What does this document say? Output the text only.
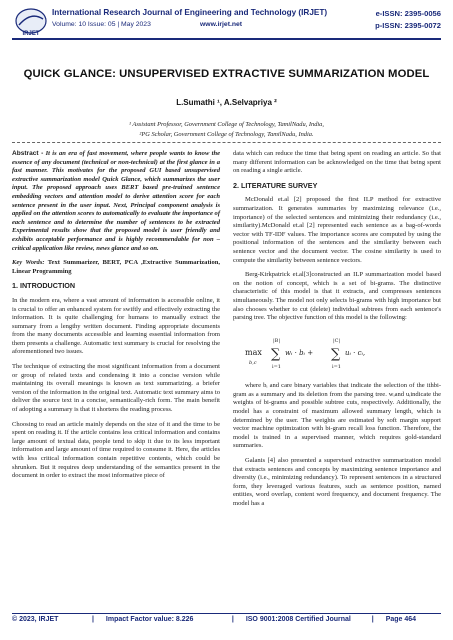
IRJET
International Research Journal of Engineering and Technology (IRJET)	e-ISSN: 2395-0056
Volume: 10 Issue: 05 | May 2023	www.irjet.net	p-ISSN: 2395-0072
QUICK GLANCE: UNSUPERVISED EXTRACTIVE SUMMARIZATION MODEL
L.Sumathi ¹, A.Selvapriya ²
¹ Assistant Professor, Government College of Technology, TamilNadu, India,
²PG Scholar, Government College of Technology, TamilNadu, India.

Abstract - It is an era of fast movement, where people wants to know the essence of any document (technical or non-technical) at the first glance in a fast manner. This motivates for the proposed GUI based unsupervised extractive summarization model Quick Glance, which summarizes the user input. The proposed approach uses BERT based pre-trained sentence embedding vectors and attention model to derive attention score for each sentence present in the user input. Next, Principal component analysis is applied on the attention scores to automatically to evaluate the importance of each sentence and to determine the number of sentences to be extracted Experimental results show that the proposed model is user friendly and exhibits acceptable performance and is highly recommendable for non – critical application like review, news glance and so on.

Key Words: Text Summarizer, BERT, PCA ,Extractive Summarization, Linear Programming

1. INTRODUCTION

In the modern era, where a vast amount of information is accessible online, it is crucial to offer an enhanced system for swiftly and effectively extracting the information. It is quite challenging for humans to manually extract the summary from a lengthy written document. Finding appropriate documents from the many documents accessible and learning essential information from them presents a challenge. Automatic text summary is crucial for resolving the aforementioned two issues.

The technique of extracting the most significant information from a document or group of related texts and condensing it into a concise version while maintaining its overall meanings is known as text summarizing. a briefer version of the information in the original text. Automatic text summary aims to deliver the source text in a concise, semantically-rich form. The main benefit of adopting a summary is that it shortens the reading process.

Choosing to read an article mainly depends on the size of it and the time to be spent on reading it. If the article contains less critical information and contains large amount of textual data, people tend to skip it due to its less important information and large amount of time required to consume it. Here, the articles with less critical information contain repetitive contents, which could be shrunken. But it requires deep understanding of the semantics present in the document in order to extract the most informative piece of

data which can reduce the time that being spent on reading an article. So that many different information can be acknowledged on the time that being spent on reading a single article.

2. LITERATURE SURVEY

McDonald et.al [2] proposed the first ILP method for extractive summarization. It generates summaries by maximizing relevance (i.e., importance) of the selected sentences and minimizing their redundancy (i.e., similarity).McDonald et.al [2] represented each sentence as a bag-of-words vector with TF-IDF values. The importance scores are computed by using the positional information of the sentences and the similarity between each sentence vector and the document vector. The cosine similarity is used to compute the similarity between sentence vectors.

Berg-Kirkpatrick et.al[3]constructed an ILP summarization model based on the notion of concept, which is a set of bi-grams. The distinctive characteristic of this model is that it extracts, and compresses sentences simultaneously. The model not only selects bi-grams with high importance but also chooses whether to cut (delete) individual subtrees from each sentence's parsing tree. The objective function of this model is the following:

max
b,c
|B|
∑
i=1
wᵢ · bᵢ +
|C|
∑
i=1
uᵢ · cᵢ,

where bᵢ and care binary variables that indicate the selection of the ithbi-gram as a summary and its deletion from the parsing tree. wᵢand uᵢindicate the weights of bi-grams and possible subtree cuts, respectively. Additionally, the model has a constraint of maximum allowed summary length, which is determined by the user. The weights are estimated by soft margin support vector machine optimization with bi-gram recall loss function. Therefore, the model is trained in a supervised manner, which requires gold-standard summaries.

Galanis [4] also presented a supervised extractive summarization model that extracts sentences and concepts by maximizing sentence importance and diversity (i.e., minimizing redundancy). To represent sentences in a structured form, they leveraged various features, such as sentence position, named entities, word overlap, content word frequency, and document frequency. The model has a

© 2023, IRJET	| Impact Factor value: 8.226	| ISO 9001:2008 Certified Journal	| Page 464
